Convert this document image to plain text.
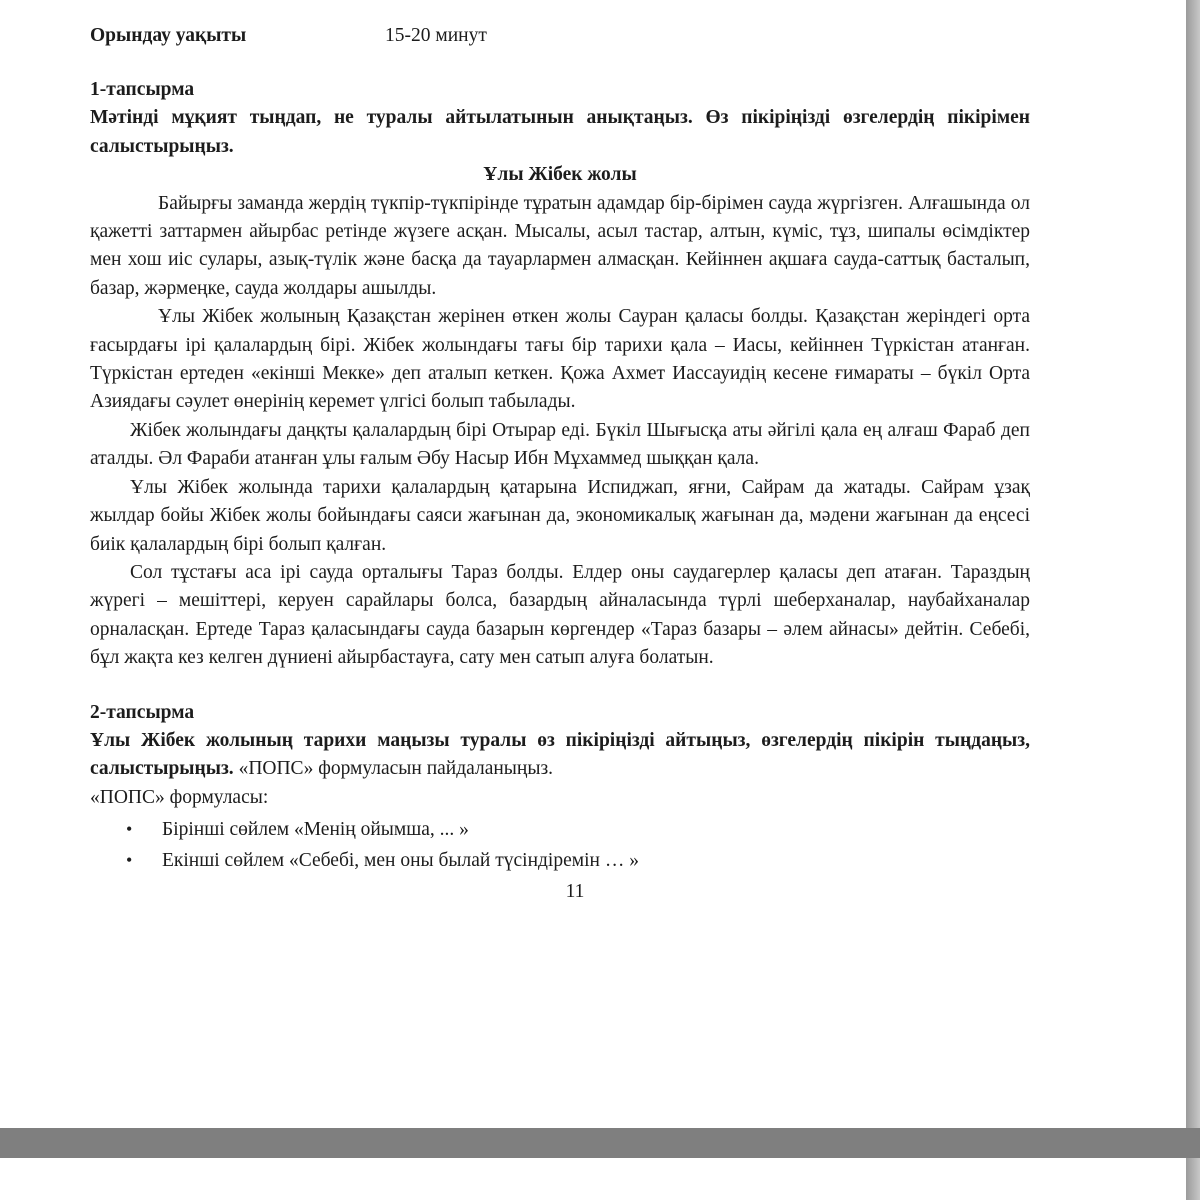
Орындау уақыты	15-20 минут

1-тапсырма

Мәтінді мұқият тыңдап, не туралы айтылатынын анықтаңыз. Өз пікіріңізді өзгелердің пікірімен салыстырыңыз.

Ұлы Жібек жолы

Байырғы заманда жердің түкпір-түкпірінде тұратын адамдар бір-бірімен сауда жүргізген. Алғашында ол қажетті заттармен айырбас ретінде жүзеге асқан. Мысалы, асыл тастар, алтын, күміс, тұз, шипалы өсімдіктер мен хош иіс сулары, азық-түлік және басқа да тауарлармен алмасқан. Кейіннен ақшаға сауда-саттық басталып, базар, жәрмеңке, сауда жолдары ашылды.

Ұлы Жібек жолының Қазақстан жерінен өткен жолы Сауран қаласы болды. Қазақстан жеріндегі орта ғасырдағы ірі қалалардың бірі. Жібек жолындағы тағы бір тарихи қала – Иасы, кейіннен Түркістан атанған. Түркістан ертеден «екінші Мекке» деп аталып кеткен. Қожа Ахмет Иассауидің кесене ғимараты – бүкіл Орта Азиядағы сәулет өнерінің керемет үлгісі болып табылады.

Жібек жолындағы даңқты қалалардың бірі Отырар еді. Бүкіл Шығысқа аты әйгілі қала ең алғаш Фараб деп аталды. Әл Фараби атанған ұлы ғалым Әбу Насыр Ибн Мұхаммед шыққан қала.

Ұлы Жібек жолында тарихи қалалардың қатарына Испиджап, яғни, Сайрам да жатады. Сайрам ұзақ жылдар бойы Жібек жолы бойындағы саяси жағынан да, экономикалық жағынан да, мәдени жағынан да еңсесі биік қалалардың бірі болып қалған.

Сол тұстағы аса ірі сауда орталығы Тараз болды. Елдер оны саудагерлер қаласы деп атаған. Тараздың жүрегі – мешіттері, керуен сарайлары болса, базардың айналасында түрлі шеберханалар, наубайханалар орналасқан. Ертеде Тараз қаласындағы сауда базарын көргендер «Тараз базары – әлем айнасы» дейтін. Себебі, бұл жақта кез келген дүниені айырбастауға, сату мен сатып алуға болатын.

2-тапсырма

Ұлы Жібек жолының тарихи маңызы туралы өз пікіріңізді айтыңыз, өзгелердің пікірін тыңдаңыз, салыстырыңыз. «ПОПС» формуласын пайдаланыңыз.

«ПОПС» формуласы:

• Бірінші сөйлем «Менің ойымша, ... »
• Екінші сөйлем «Себебі, мен оны былай түсіндіремін … »
11
